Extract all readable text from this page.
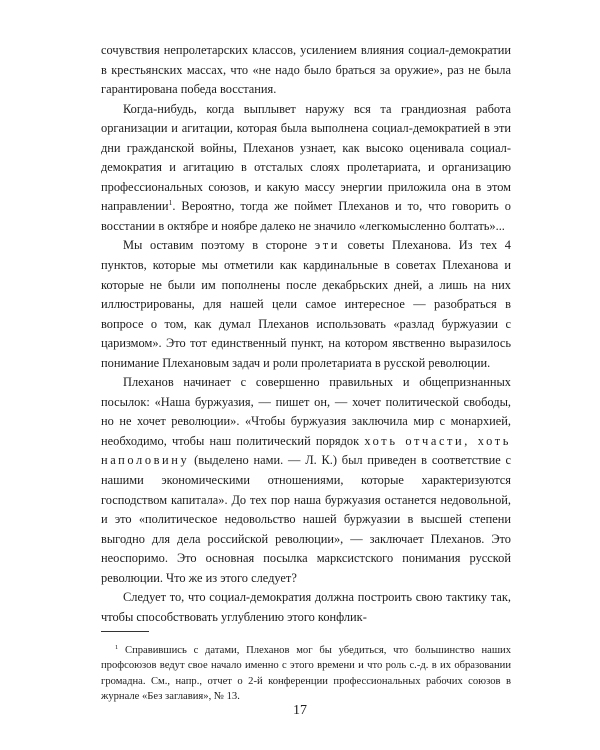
сочувствия непролетарских классов, усилением влияния социал-демократии в крестьянских массах, что «не надо было браться за оружие», раз не была гарантирована победа восстания.

Когда-нибудь, когда выплывет наружу вся та грандиозная работа организации и агитации, которая была выполнена социал-демократией в эти дни гражданской войны, Плеханов узнает, как высоко оценивала социал-демократия и агитацию в отсталых слоях пролетариата, и организацию профессиональных союзов, и какую массу энергии приложила она в этом направлении$^1$. Вероятно, тогда же поймет Плеханов и то, что говорить о восстании в октябре и ноябре далеко не значило «легкомысленно болтать»...

Мы оставим поэтому в стороне эти советы Плеханова. Из тех 4 пунктов, которые мы отметили как кардинальные в советах Плеханова и которые не были им пополнены после декабрьских дней, а лишь на них иллюстрированы, для нашей цели самое интересное — разобраться в вопросе о том, как думал Плеханов использовать «разлад буржуазии с царизмом». Это тот единственный пункт, на котором явственно выразилось понимание Плехановым задач и роли пролетариата в русской революции.

Плеханов начинает с совершенно правильных и общепризнанных посылок: «Наша буржуазия, — пишет он, — хочет политической свободы, но не хочет революции». «Чтобы буржуазия заключила мир с монархией, необходимо, чтобы наш политический порядок хоть отчасти, хоть наполовину (выделено нами. — Л. К.) был приведен в соответствие с нашими экономическими отношениями, которые характеризуются господством капитала». До тех пор наша буржуазия останется недовольной, и это «политическое недовольство нашей буржуазии в высшей степени выгодно для дела российской революции», — заключает Плеханов. Это неоспоримо. Это основная посылка марксистского понимания русской революции. Что же из этого следует?

Следует то, что социал-демократия должна построить свою тактику так, чтобы способствовать углублению этого конфлик-

$^1$ Справившись с датами, Плеханов мог бы убедиться, что большинство наших профсоюзов ведут свое начало именно с этого времени и что роль с.-д. в их образовании громадна. См., напр., отчет о 2-й конференции профессиональных рабочих союзов в журнале «Без заглавия», № 13.

17
